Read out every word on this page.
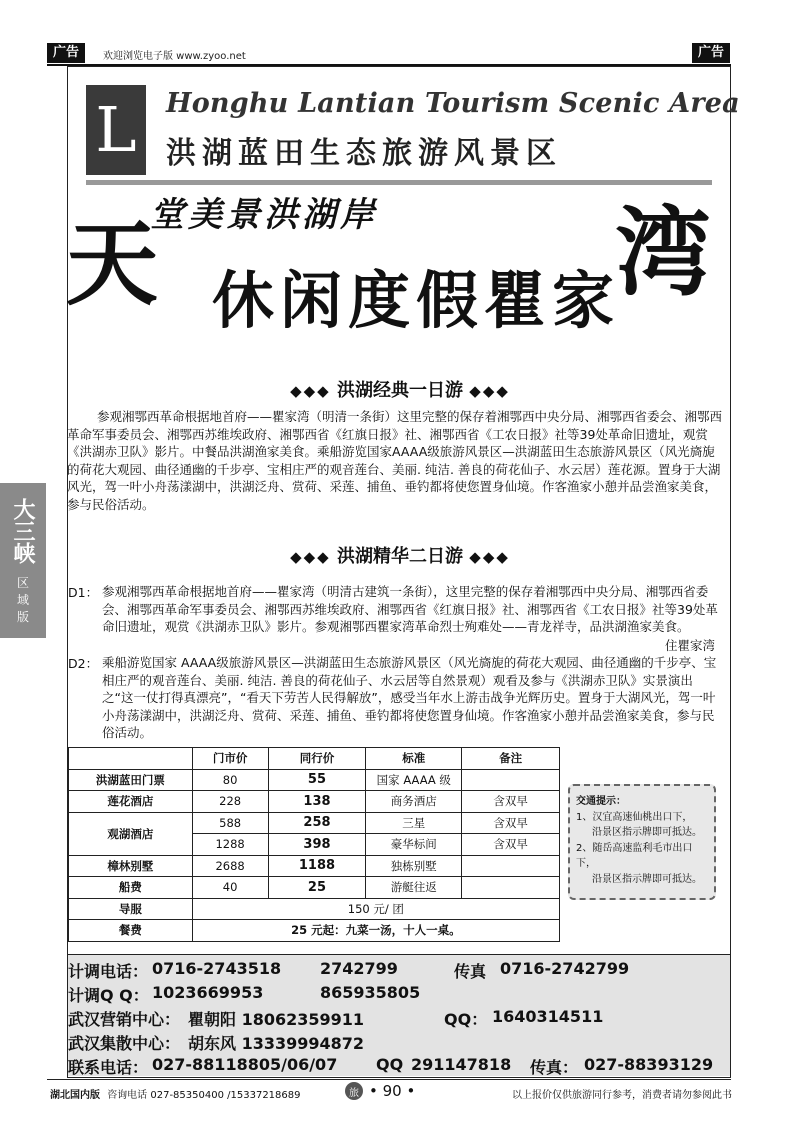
广告	欢迎浏览电子版 www.zyoo.net	广告
L Honghu Lantian Tourism Scenic Area
洪湖蓝田生态旅游风景区
天
堂美景洪湖岸
休闲度假瞿家
湾
◆◆◆ 洪湖经典一日游 ◆◆◆
参观湘鄂西革命根据地首府——瞿家湾（明清一条街）这里完整的保存着湘鄂西中央分局、湘鄂西省委会、湘鄂西革命军事委员会、湘鄂西苏维埃政府、湘鄂西省《红旗日报》社、湘鄂西省《工农日报》社等39处革命旧遗址，观赏《洪湖赤卫队》影片。中餐品洪湖渔家美食。乘船游览国家AAAA级旅游风景区—洪湖蓝田生态旅游风景区（风光旖旎的荷花大观园、曲径通幽的千步亭、宝相庄严的观音莲台、美丽. 纯洁. 善良的荷花仙子、水云居）莲花源。置身于大湖风光，驾一叶小舟荡漾湖中，洪湖泛舟、赏荷、采莲、捕鱼、垂钓都将使您置身仙境。作客渔家小憩并品尝渔家美食，参与民俗活动。
大三峡
区
域
版
◆◆◆ 洪湖精华二日游 ◆◆◆
D1： 参观湘鄂西革命根据地首府——瞿家湾（明清古建筑一条街），这里完整的保存着湘鄂西中央分局、湘鄂西省委会、湘鄂西革命军事委员会、湘鄂西苏维埃政府、湘鄂西省《红旗日报》社、湘鄂西省《工农日报》社等39处革命旧遗址，观赏《洪湖赤卫队》影片。参观湘鄂西瞿家湾革命烈士殉难处——青龙祥寺，品洪湖渔家美食。
住瞿家湾
D2： 乘船游览国家 AAAA级旅游风景区—洪湖蓝田生态旅游风景区（风光旖旎的荷花大观园、曲径通幽的千步亭、宝相庄严的观音莲台、美丽. 纯洁. 善良的荷花仙子、水云居等自然景观）观看及参与《洪湖赤卫队》实景演出之“这一仗打得真漂亮”，“看天下劳苦人民得解放”，感受当年水上游击战争光辉历史。置身于大湖风光，驾一叶小舟荡漾湖中，洪湖泛舟、赏荷、采莲、捕鱼、垂钓都将使您置身仙境。作客渔家小憩并品尝渔家美食，参与民俗活动。
	门市价	同行价	标准	备注
洪湖蓝田门票	80	55	国家 AAAA 级	
莲花酒店	228	138	商务酒店	含双早
观湖酒店	588	258	三星	含双早
	1288	398	豪华标间	含双早
樟林别墅	2688	1188	独栋别墅	
船费	40	25	游艇往返	
导服	150 元/ 团			
餐费	25 元起：九菜一汤，十人一桌。			
交通提示：
1、汉宜高速仙桃出口下，
沿景区指示牌即可抵达。
2、随岳高速监利毛市出口下，
沿景区指示牌即可抵达。
计调电话： 0716-2743518 2742799	传真 0716-2742799
计调Q Q： 1023669953	865935805
武汉营销中心： 瞿朝阳 18062359911	QQ： 1640314511
武汉集散中心： 胡东风 13339994872
联系电话： 027-88118805/06/07 QQ 291147818 传真： 027-88393129
湖北国内版 咨询电话 027-85350400 /15337218689	旅 • 90 •	以上报价仅供旅游同行参考，消费者请勿参阅此书
